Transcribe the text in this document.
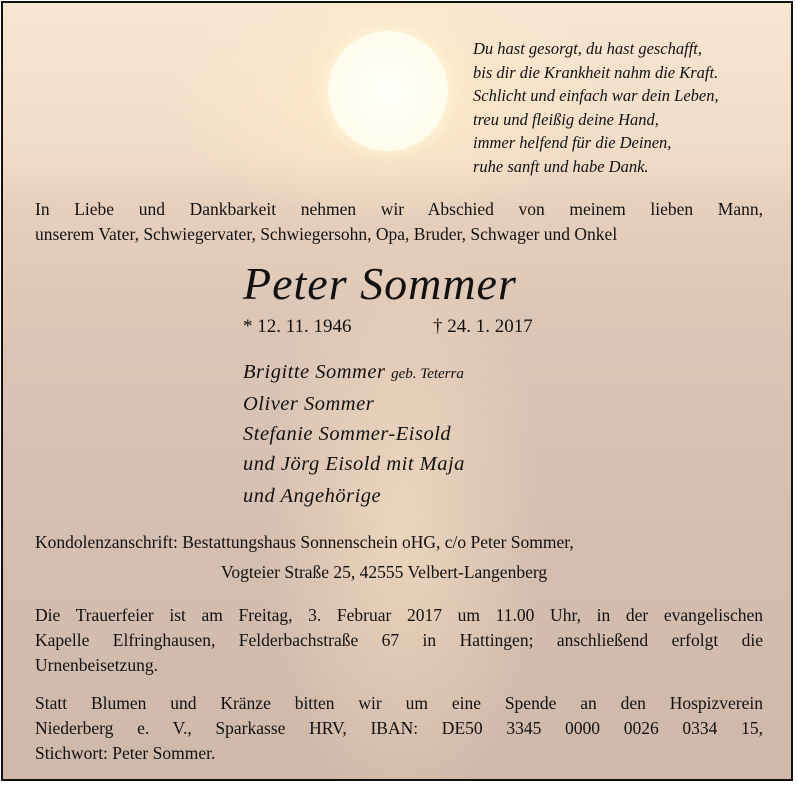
Du hast gesorgt, du hast geschafft,
bis dir die Krankheit nahm die Kraft.
Schlicht und einfach war dein Leben,
treu und fleißig deine Hand,
immer helfend für die Deinen,
ruhe sanft und habe Dank.
In Liebe und Dankbarkeit nehmen wir Abschied von meinem lieben Mann,
unserem Vater, Schwiegervater, Schwiegersohn, Opa, Bruder, Schwager und Onkel
Peter Sommer
* 12. 11. 1946	† 24. 1. 2017
Brigitte Sommer geb. Teterra
Oliver Sommer
Stefanie Sommer-Eisold
und Jörg Eisold mit Maja
und Angehörige
Kondolenzanschrift: Bestattungshaus Sonnenschein oHG, c/o Peter Sommer,
Vogteier Straße 25, 42555 Velbert-Langenberg
Die Trauerfeier ist am Freitag, 3. Februar 2017 um 11.00 Uhr, in der evangelischen
Kapelle Elfringhausen, Felderbachstraße 67 in Hattingen; anschließend erfolgt die
Urnenbeisetzung.
Statt Blumen und Kränze bitten wir um eine Spende an den Hospizverein
Niederberg e. V., Sparkasse HRV, IBAN: DE50 3345 0000 0026 0334 15,
Stichwort: Peter Sommer.
